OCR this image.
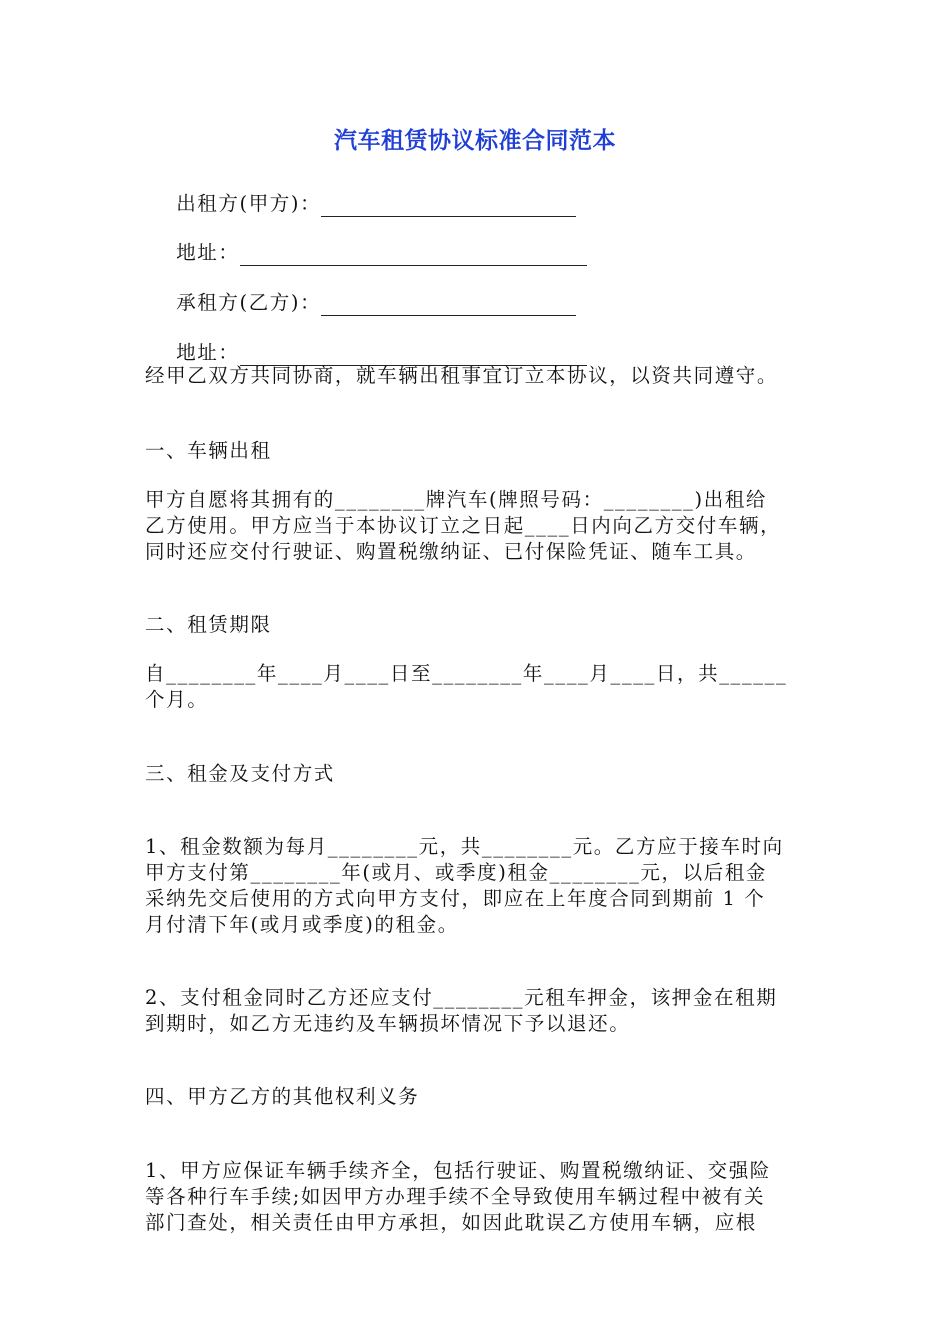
汽车租赁协议标准合同范本

出租方(甲方)：

地址：

承租方(乙方)：

地址：

经甲乙双方共同协商，就车辆出租事宜订立本协议，以资共同遵守。
一、车辆出租
甲方自愿将其拥有的________牌汽车(牌照号码：________)出租给
乙方使用。甲方应当于本协议订立之日起____日内向乙方交付车辆，
同时还应交付行驶证、购置税缴纳证、已付保险凭证、随车工具。
二、租赁期限
自________年____月____日至________年____月____日，共______
个月。
三、租金及支付方式
1、租金数额为每月________元，共________元。乙方应于接车时向
甲方支付第________年(或月、或季度)租金________元，以后租金
采纳先交后使用的方式向甲方支付，即应在上年度合同到期前 1 个
月付清下年(或月或季度)的租金。
2、支付租金同时乙方还应支付________元租车押金，该押金在租期
到期时，如乙方无违约及车辆损坏情况下予以退还。
四、甲方乙方的其他权利义务
1、甲方应保证车辆手续齐全，包括行驶证、购置税缴纳证、交强险
等各种行车手续;如因甲方办理手续不全导致使用车辆过程中被有关
部门查处，相关责任由甲方承担，如因此耽误乙方使用车辆，应根
